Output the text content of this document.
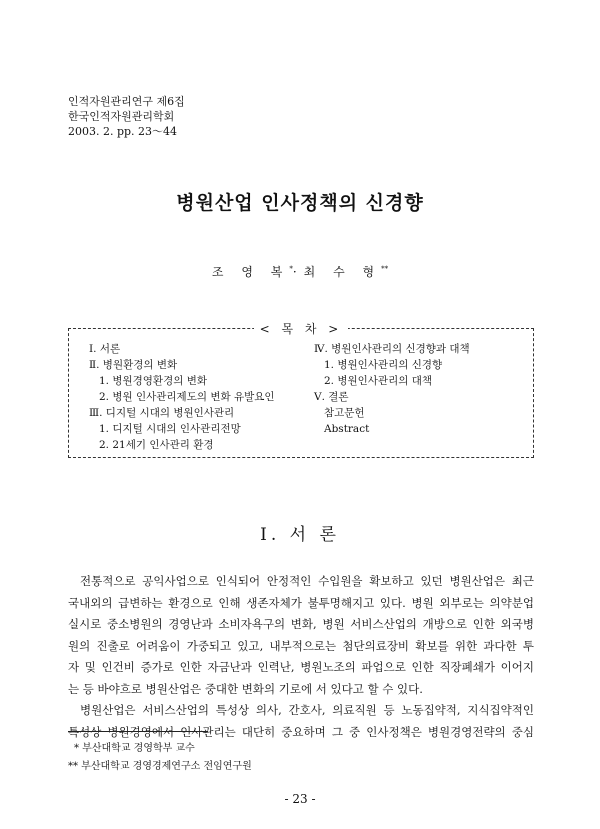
인적자원관리연구 제6집
한국인적자원관리학회
2003. 2. pp. 23～44
병원산업 인사정책의 신경향
조 영 복*·최 수 형**
< 목 차 >
Ⅰ. 서론
Ⅱ. 병원환경의 변화
1. 병원경영환경의 변화
2. 병원 인사관리제도의 변화 유발요인
Ⅲ. 디지털 시대의 병원인사관리
1. 디지털 시대의 인사관리전망
2. 21세기 인사관리 환경
Ⅳ. 병원인사관리의 신경향과 대책
1. 병원인사관리의 신경향
2. 병원인사관리의 대책
Ⅴ. 결론
참고문헌
Abstract
Ⅰ. 서 론
전통적으로 공익사업으로 인식되어 안정적인 수입원을 확보하고 있던 병원산업은 최근
국내외의 급변하는 환경으로 인해 생존자체가 불투명해지고 있다. 병원 외부로는 의약분업
실시로 중소병원의 경영난과 소비자욕구의 변화, 병원 서비스산업의 개방으로 인한 외국병
원의 진출로 어려움이 가중되고 있고, 내부적으로는 첨단의료장비 확보를 위한 과다한 투
자 및 인건비 증가로 인한 자금난과 인력난, 병원노조의 파업으로 인한 직장폐쇄가 이어지
는 등 바야흐로 병원산업은 중대한 변화의 기로에 서 있다고 할 수 있다.
병원산업은 서비스산업의 특성상 의사, 간호사, 의료직원 등 노동집약적, 지식집약적인
특성상 병원경영에서 인사관리는 대단히 중요하며 그 중 인사정책은 병원경영전략의 중심
* 부산대학교 경영학부 교수
** 부산대학교 경영경제연구소 전임연구원
- 23 -
